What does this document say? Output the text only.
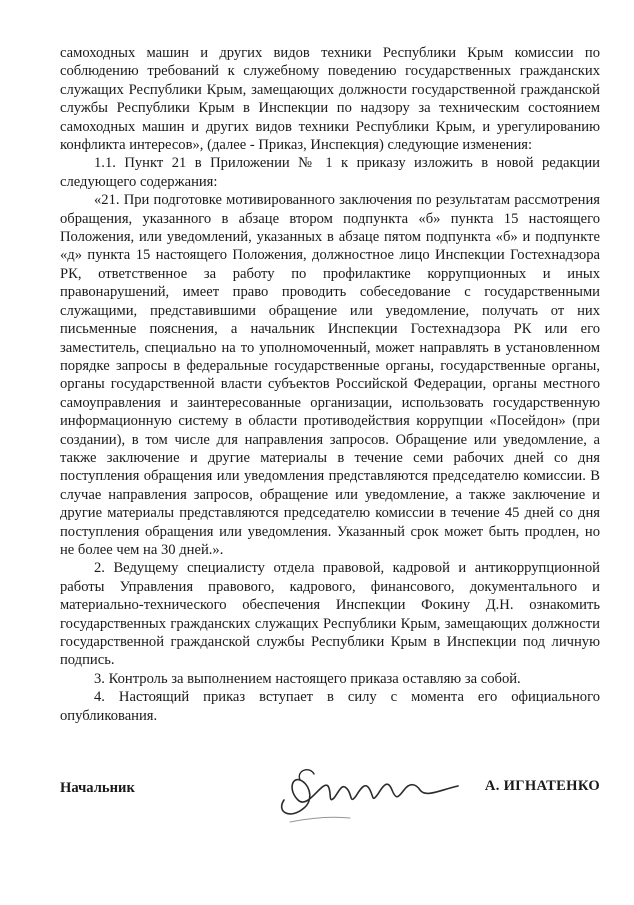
самоходных машин и других видов техники Республики Крым комиссии по соблюдению требований к служебному поведению государственных гражданских служащих Республики Крым, замещающих должности государственной гражданской службы Республики Крым в Инспекции по надзору за техническим состоянием самоходных машин и других видов техники Республики Крым, и урегулированию конфликта интересов», (далее - Приказ, Инспекция) следующие изменения:

1.1. Пункт 21 в Приложении № 1 к приказу изложить в новой редакции следующего содержания:

«21. При подготовке мотивированного заключения по результатам рассмотрения обращения, указанного в абзаце втором подпункта «б» пункта 15 настоящего Положения, или уведомлений, указанных в абзаце пятом подпункта «б» и подпункте «д» пункта 15 настоящего Положения, должностное лицо Инспекции Гостехнадзора РК, ответственное за работу по профилактике коррупционных и иных правонарушений, имеет право проводить собеседование с государственными служащими, представившими обращение или уведомление, получать от них письменные пояснения, а начальник Инспекции Гостехнадзора РК или его заместитель, специально на то уполномоченный, может направлять в установленном порядке запросы в федеральные государственные органы, государственные органы, органы государственной власти субъектов Российской Федерации, органы местного самоуправления и заинтересованные организации, использовать государственную информационную систему в области противодействия коррупции «Посейдон» (при создании), в том числе для направления запросов. Обращение или уведомление, а также заключение и другие материалы в течение семи рабочих дней со дня поступления обращения или уведомления представляются председателю комиссии. В случае направления запросов, обращение или уведомление, а также заключение и другие материалы представляются председателю комиссии в течение 45 дней со дня поступления обращения или уведомления. Указанный срок может быть продлен, но не более чем на 30 дней.».

2. Ведущему специалисту отдела правовой, кадровой и антикоррупционной работы Управления правового, кадрового, финансового, документального и материально-технического обеспечения Инспекции Фокину Д.Н. ознакомить государственных гражданских служащих Республики Крым, замещающих должности государственной гражданской службы Республики Крым в Инспекции под личную подпись.

3. Контроль за выполнением настоящего приказа оставляю за собой.

4. Настоящий приказ вступает в силу с момента его официального опубликования.

Начальник	А. ИГНАТЕНКО
